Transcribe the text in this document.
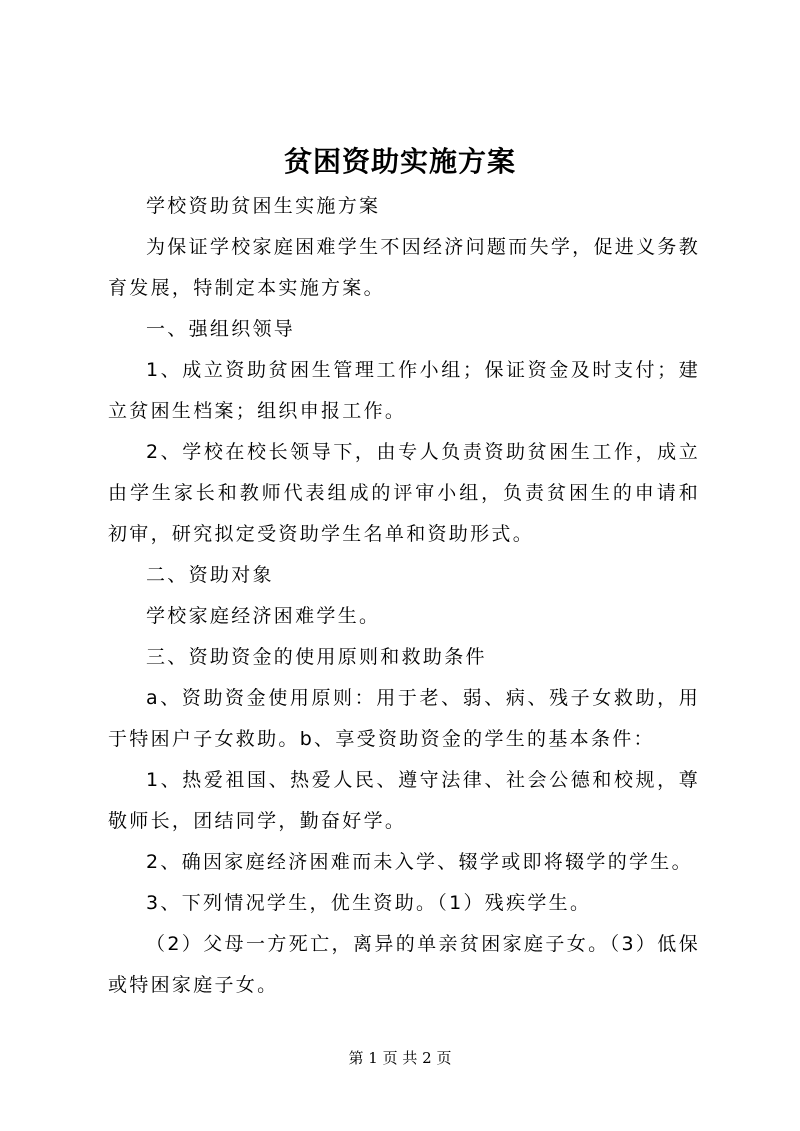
贫困资助实施方案

学校资助贫困生实施方案

为保证学校家庭困难学生不因经济问题而失学，促进义务教育发展，特制定本实施方案。

一、强组织领导

1、成立资助贫困生管理工作小组；保证资金及时支付；建立贫困生档案；组织申报工作。

2、学校在校长领导下，由专人负责资助贫困生工作，成立由学生家长和教师代表组成的评审小组，负责贫困生的申请和初审，研究拟定受资助学生名单和资助形式。

二、资助对象

学校家庭经济困难学生。

三、资助资金的使用原则和救助条件

a、资助资金使用原则：用于老、弱、病、残子女救助，用于特困户子女救助。b、享受资助资金的学生的基本条件：

1、热爱祖国、热爱人民、遵守法律、社会公德和校规，尊敬师长，团结同学，勤奋好学。

2、确因家庭经济困难而未入学、辍学或即将辍学的学生。

3、下列情况学生，优生资助。（1）残疾学生。

（2）父母一方死亡，离异的单亲贫困家庭子女。（3）低保或特困家庭子女。

第 1 页 共 2 页
